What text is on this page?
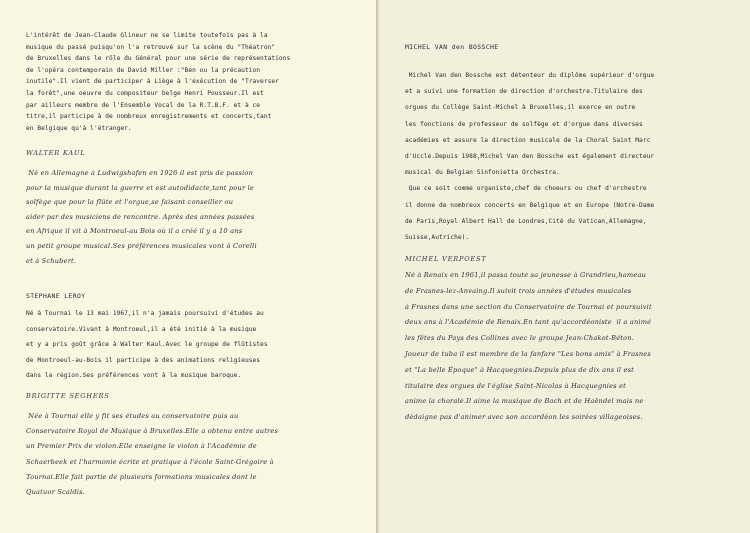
L'intérêt de Jean-Claude Glineur ne se limite toutefois pas à la
musique du passé puisqu'on l'a retrouvé sur la scène du "Théatron"
de Bruxelles dans le rôle du Général pour une série de représentations
de l'opéra contemporain de David Miller :"Ben ou la précaution
inutile".Il vient de participer à Liège à l'exécution de "Traverser
la forêt",une oeuvre du compositeur belge Henri Pousseur.Il est
par ailleurs membre de l'Ensemble Vocal de la R.T.B.F. et à ce
titre,il participe à de nombreux enregistrements et concerts,tant
en Belgique qu'à l'étranger.
WALTER KAUL
Né en Allemagne à Ludwigshafen en 1926 il est pris de passion
pour la musique durant la guerre et est autodidacte,tant pour le
solfège que pour la flûte et l'orgue,se faisant conseiller ou
aider par des musiciens de rencontre. Après des années passées
en Afrique il vit à Montroeul-au Bois où il a créé il y a 10 ans
un petit groupe musical.Ses préférences musicales vont à Corelli
et à Schubert.
STEPHANE LEROY
Né à Tournai le 13 mai 1967,il n'a jamais poursuivi d'études au
conservatoire.Vivant à Montroeul,il a été initié à la musique
et y a pris goût grâce à Walter Kaul.Avec le groupe de flûtistes
de Montroeul-au-Bois il participe à des animations religieuses
dans la région.Ses préférences vont à la musique baroque.
BRIGITTE SEGHERS
Née à Tournai elle y fit ses études au conservatoire puis au
Conservatoire Royal de Musique à Bruxelles.Elle a obtenu entre autres
un Premier Prix de violon.Elle enseigne le violon à l'Académie de
Schaerbeek et l'harmonie écrite et pratique à l'école Saint-Grégoire à
Tournai.Elle fait partie de plusieurs formations musicales dont le
Quatuor Scaldis.
MICHEL VAN den BOSSCHE
Michel Van den Bossche est détenteur du diplôme supérieur d'orgue
et a suivi une formation de direction d'orchestre.Titulaire des
orgues du Collège Saint-Michel à Bruxelles,il exerce en outre
les fonctions de professeur de solfège et d'orgue dans diverses
académies et assure la direction musicale de la Choral Saint Marc
d'Uccle.Depuis 1988,Michel Van den Bossche est également directeur
musical du Belgian Sinfonietta Orchestra.
Que ce soit comme organiste,chef de choeurs ou chef d'orchestre
il donne de nombreux concerts en Belgique et en Europe (Notre-Dame
de Paris,Royal Albert Hall de Londres,Cité du Vatican,Allemagne,
Suisse,Autriche).
MICHEL VERPOEST
Né à Renaix en 1961,il passa toute sa jeunesse à Grandrieu,hameau
de Frasnes-lez-Anvaing.Il suivit trois années d'études musicales
à Frasnes dans une section du Conservatoire de Tournai et poursuivit
deux ans à l'Académie de Renaix.En tant qu'accordéoniste  il a animé
les fêtes du Pays des Collines avec le groupe Jean-Chakot-Béton.
Joueur de tuba il est membre de la fanfare "Les bons amis" à Frasnes
et "La belle Époque" à Hacquegnies.Depuis plus de dix ans il est
titulaire des orgues de l'église Saint-Nicolas à Hacquegnies et
anime la chorale.Il aime la musique de Bach et de Haëndel mais ne
dédaigne pas d'animer avec son accordéon les soirées villageoises.
